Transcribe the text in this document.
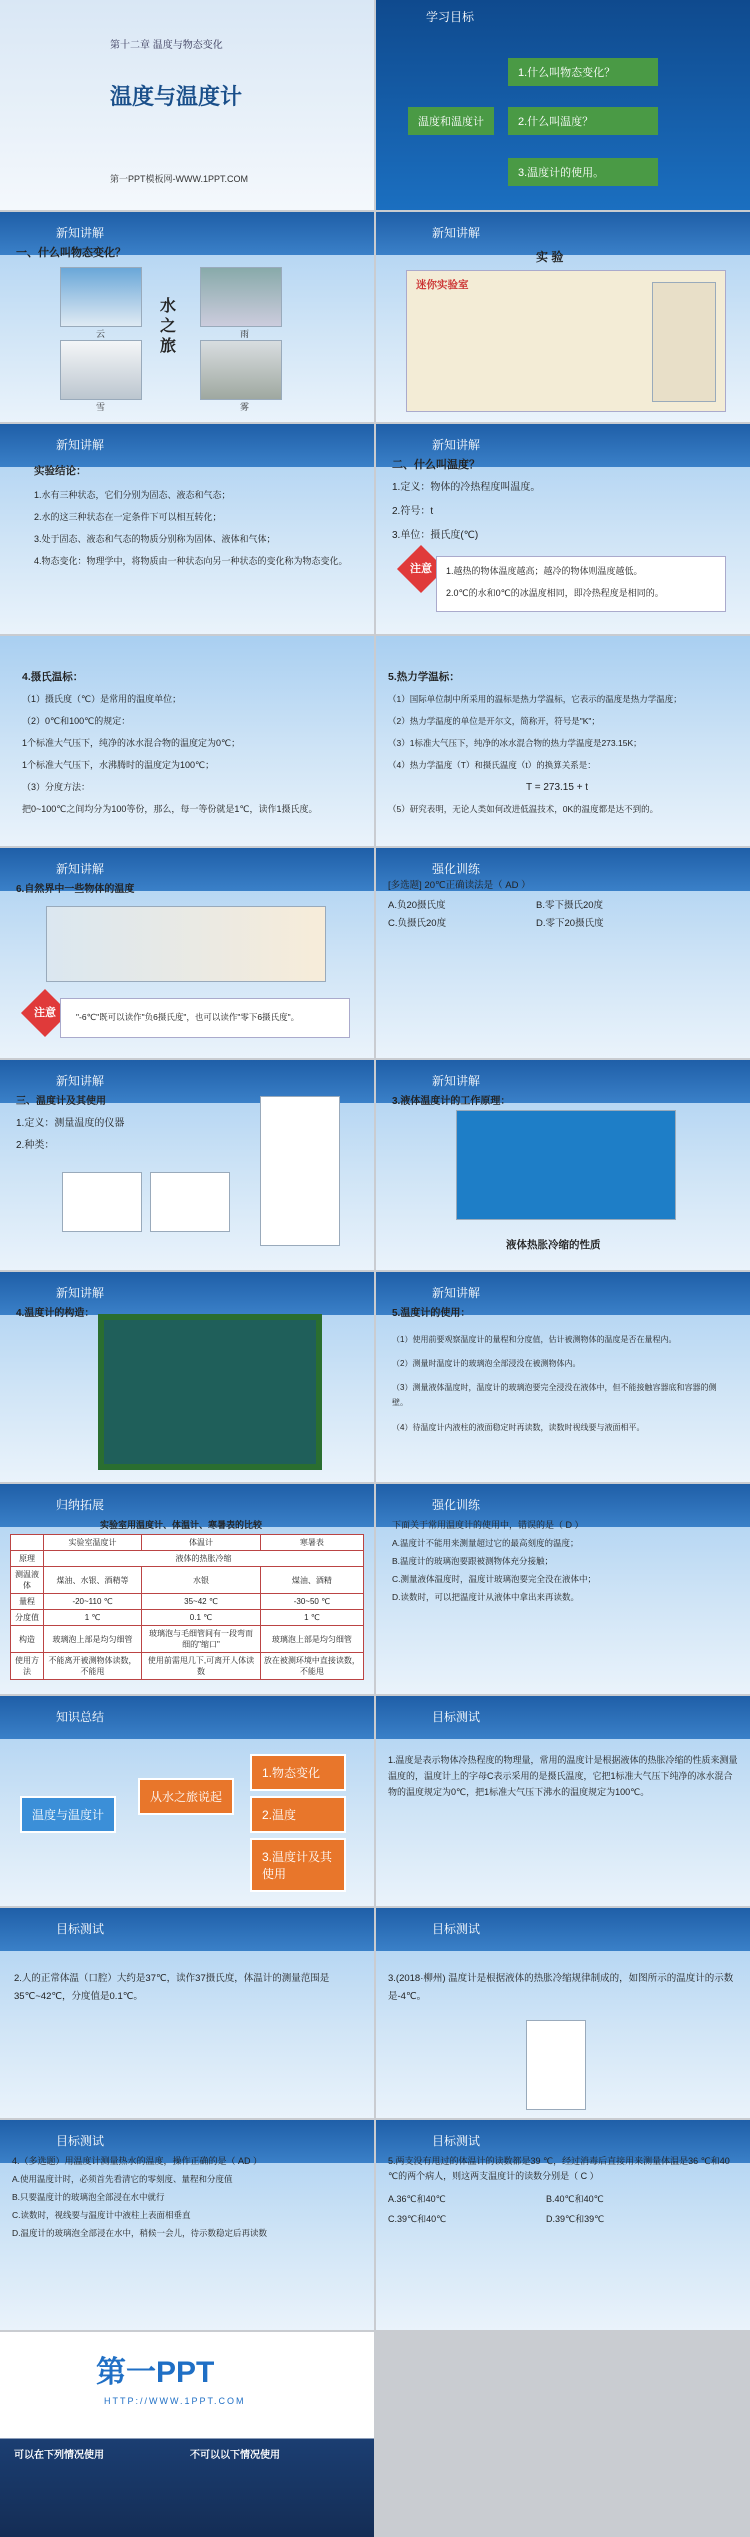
第十二章 温度与物态变化
温度与温度计
第一PPT模板网-WWW.1PPT.COM
学习目标
温度和温度计
1.什么叫物态变化？
2.什么叫温度？
3.温度计的使用。
新知讲解
一、什么叫物态变化？
云	雨
雪	雾
水之旅
新知讲解
实 验
迷你实验室
新知讲解
实验结论：
1.水有三种状态，它们分别为固态、液态和气态；
2.水的这三种状态在一定条件下可以相互转化；
3.处于固态、液态和气态的物质分别称为固体、液体和气体；
4.物态变化：物理学中，将物质由一种状态向另一种状态的变化称为物态变化。
新知讲解
二、什么叫温度？
1.定义：物体的冷热程度叫温度。
2.符号：t
3.单位：摄氏度(℃)
注意	1.越热的物体温度越高；越冷的物体则温度越低。
2.0℃的水和0℃的冰温度相同，即冷热程度是相同的。
4.摄氏温标：
（1）摄氏度（℃）是常用的温度单位；
（2）0℃和100℃的规定：
1个标准大气压下，纯净的冰水混合物的温度定为0℃；
1个标准大气压下，水沸腾时的温度定为100℃；
（3）分度方法：
把0~100℃之间均分为100等份，那么，每一等份就是1℃，读作1摄氏度。
5.热力学温标：
（1）国际单位制中所采用的温标是热力学温标，它表示的温度是热力学温度；
（2）热力学温度的单位是开尔文，简称开，符号是"K"；
（3）1标准大气压下，纯净的冰水混合物的热力学温度是273.15K；
（4）热力学温度（T）和摄氏温度（t）的换算关系是：
T = 273.15 + t
（5）研究表明，无论人类如何改进低温技术，0K的温度都是达不到的。
新知讲解
6.自然界中一些物体的温度
注意	"-6℃"既可以读作"负6摄氏度"，也可以读作"零下6摄氏度"。
强化训练
[多选题] 20℃正确读法是（ AD ）
A.负20摄氏度	B.零下摄氏20度
C.负摄氏20度	D.零下20摄氏度
新知讲解
三、温度计及其使用
1.定义：测量温度的仪器
2.种类：
新知讲解
3.液体温度计的工作原理：
液体热胀冷缩的性质
新知讲解
4.温度计的构造：
新知讲解
5.温度计的使用：
（1）使用前要观察温度计的量程和分度值，估计被测物体的温度是否在量程内。
（2）测量时温度计的玻璃泡全部浸没在被测物体内。
（3）测量液体温度时，温度计的玻璃泡要完全浸没在液体中，但不能接触容器底和容器的侧壁。
（4）待温度计内液柱的液面稳定时再读数，读数时视线要与液面相平。
归纳拓展
实验室用温度计、体温计、寒暑表的比较
	实验室温度计	体温计	寒暑表
原理	液体的热胀冷缩		
测温液体	煤油、水银、酒精等	水银	煤油、酒精
量程	-20~110 ℃	35~42 ℃	-30~50 ℃
分度值	1 ℃	0.1 ℃	1 ℃
构造	玻璃泡上部是均匀细管	玻璃泡与毛细管间有一段弯而细的"缩口"	玻璃泡上部是均匀细管
使用方法	不能离开被测物体读数，不能甩	使用前需甩几下,可离开人体读数	放在被测环境中直接读数，不能甩
强化训练
下面关于常用温度计的使用中，错误的是（ D ）
A.温度计不能用来测量超过它的最高刻度的温度；
B.温度计的玻璃泡要跟被测物体充分接触；
C.测量液体温度时，温度计玻璃泡要完全没在液体中；
D.读数时，可以把温度计从液体中拿出来再读数。
知识总结
温度与温度计
从水之旅说起
1.物态变化
2.温度
3.温度计及其使用
目标测试
1.温度是表示物体冷热程度的物理量，常用的温度计是根据液体的热胀冷缩的性质来测量温度的，温度计上的字母C表示采用的是摄氏温度，它把1标准大气压下纯净的冰水混合物的温度规定为0℃，把1标准大气压下沸水的温度规定为100℃。
目标测试
2.人的正常体温（口腔）大约是37℃，读作37摄氏度，体温计的测量范围是35℃~42℃，分度值是0.1℃。
目标测试
3.(2018·柳州) 温度计是根据液体的热胀冷缩规律制成的，如图所示的温度计的示数是-4℃。
目标测试
4.（多选题）用温度计测量热水的温度，操作正确的是（ AD ）
A.使用温度计时，必须首先看清它的零刻度、量程和分度值
B.只要温度计的玻璃泡全部浸在水中就行
C.读数时，视线要与温度计中液柱上表面相垂直
D.温度计的玻璃泡全部浸在水中，稍候一会儿，待示数稳定后再读数
目标测试
5.两支没有甩过的体温计的读数都是39 ℃，经过消毒后直接用来测量体温是36 ℃和40 ℃的两个病人，则这两支温度计的读数分别是（ C ）
A.36℃和40℃	B.40℃和40℃
C.39℃和40℃	D.39℃和39℃
第一PPT
HTTP://WWW.1PPT.COM
可以在下列情况使用	不可以以下情况使用
